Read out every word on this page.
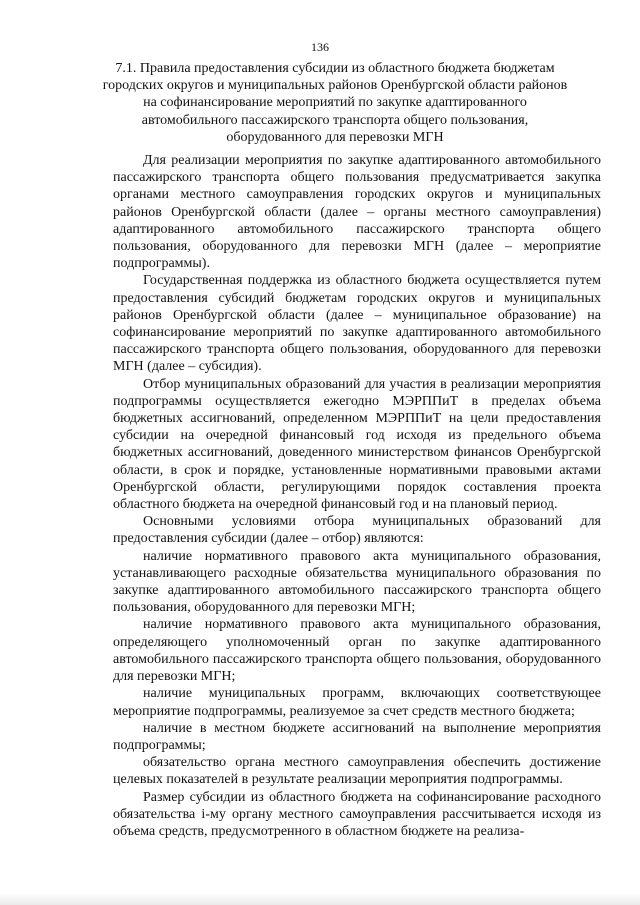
136
7.1. Правила предоставления субсидии из областного бюджета бюджетам городских округов и муниципальных районов Оренбургской области районов на софинансирование мероприятий по закупке адаптированного автомобильного пассажирского транспорта общего пользования, оборудованного для перевозки МГН

Для реализации мероприятия по закупке адаптированного автомобильного пассажирского транспорта общего пользования предусматривается закупка органами местного самоуправления городских округов и муниципальных районов Оренбургской области (далее – органы местного самоуправления) адаптированного автомобильного пассажирского транспорта общего пользования, оборудованного для перевозки МГН (далее – мероприятие подпрограммы).

Государственная поддержка из областного бюджета осуществляется путем предоставления субсидий бюджетам городских округов и муниципальных районов Оренбургской области (далее – муниципальное образование) на софинансирование мероприятий по закупке адаптированного автомобильного пассажирского транспорта общего пользования, оборудованного для перевозки МГН (далее – субсидия).

Отбор муниципальных образований для участия в реализации мероприятия подпрограммы осуществляется ежегодно МЭРППиТ в пределах объема бюджетных ассигнований, определенном МЭРППиТ на цели предоставления субсидии на очередной финансовый год исходя из предельного объема бюджетных ассигнований, доведенного министерством финансов Оренбургской области, в срок и порядке, установленные нормативными правовыми актами Оренбургской области, регулирующими порядок составления проекта областного бюджета на очередной финансовый год и на плановый период.

Основными условиями отбора муниципальных образований для предоставления субсидии (далее – отбор) являются:

наличие нормативного правового акта муниципального образования, устанавливающего расходные обязательства муниципального образования по закупке адаптированного автомобильного пассажирского транспорта общего пользования, оборудованного для перевозки МГН;

наличие нормативного правового акта муниципального образования, определяющего уполномоченный орган по закупке адаптированного автомобильного пассажирского транспорта общего пользования, оборудованного для перевозки МГН;

наличие муниципальных программ, включающих соответствующее мероприятие подпрограммы, реализуемое за счет средств местного бюджета;

наличие в местном бюджете ассигнований на выполнение мероприятия подпрограммы;

обязательство органа местного самоуправления обеспечить достижение целевых показателей в результате реализации мероприятия подпрограммы.

Размер субсидии из областного бюджета на софинансирование расходного обязательства i-му органу местного самоуправления рассчитывается исходя из объема средств, предусмотренного в областном бюджете на реализа-
